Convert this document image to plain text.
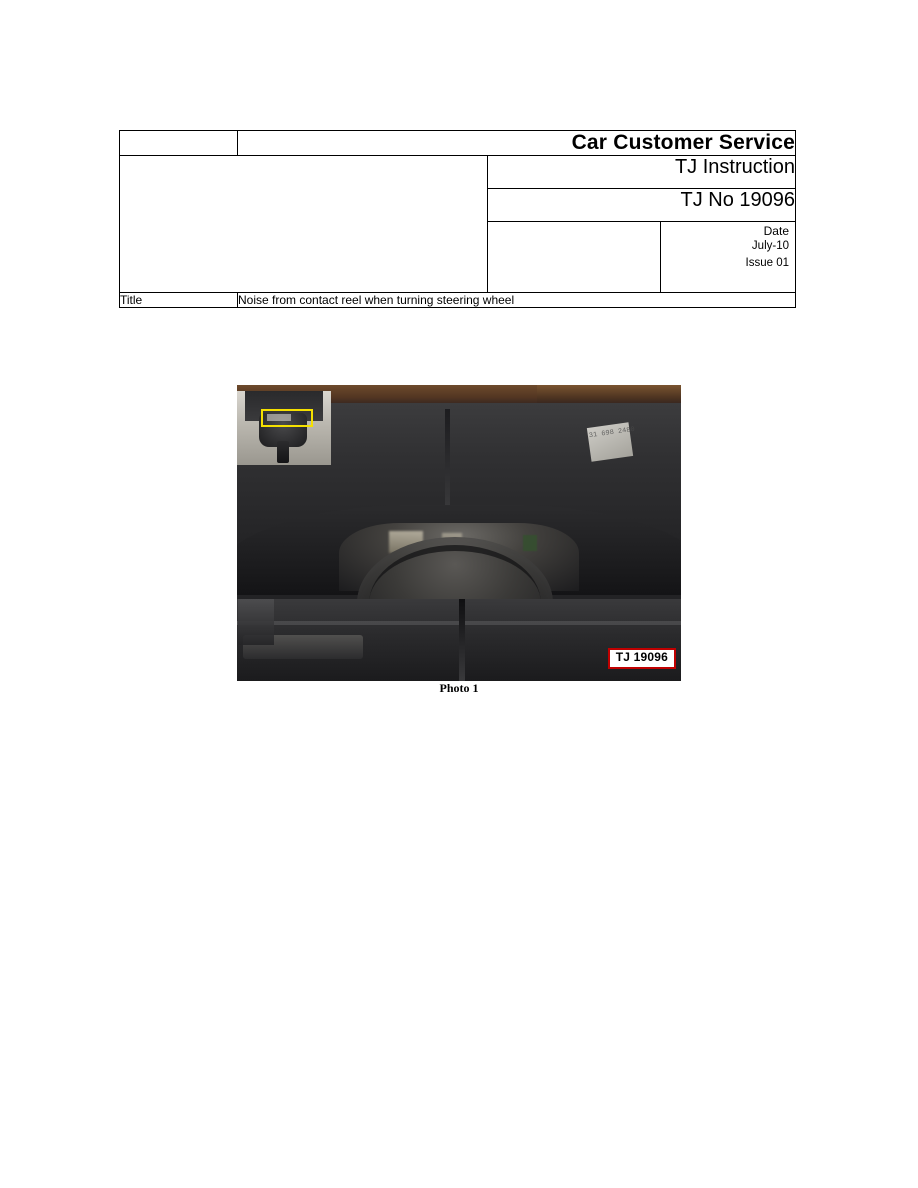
	Car Customer Service		
		TJ Instruction	
		TJ No 19096	

			Date
July-10
Issue 01

Title	Noise from contact reel when turning steering wheel		
31 698 2480
TJ 19096
Photo 1
